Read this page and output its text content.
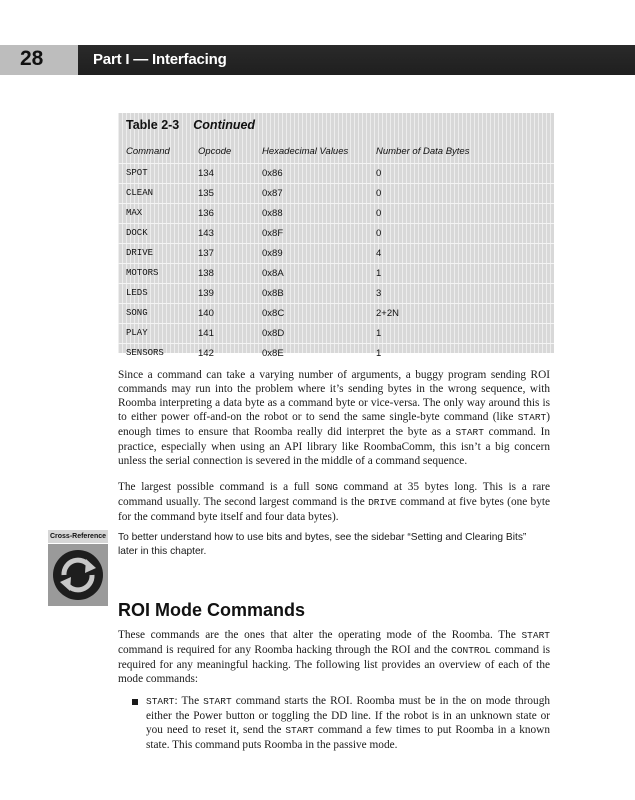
28	Part I — Interfacing
Table 2-3 Continued
Command	Opcode	Hexadecimal Values	Number of Data Bytes
SPOT	134	0x86	0
CLEAN	135	0x87	0
MAX	136	0x88	0
DOCK	143	0x8F	0
DRIVE	137	0x89	4
MOTORS	138	0x8A	1
LEDS	139	0x8B	3
SONG	140	0x8C	2+2N
PLAY	141	0x8D	1
SENSORS	142	0x8E	1

Since a command can take a varying number of arguments, a buggy program sending ROI commands may run into the problem where it’s sending bytes in the wrong sequence, with Roomba interpreting a data byte as a command byte or vice-versa. The only way around this is to either power off-and-on the robot or to send the same single-byte command (like START) enough times to ensure that Roomba really did interpret the byte as a START command. In practice, especially when using an API library like RoombaComm, this isn’t a big concern unless the serial connection is severed in the middle of a command sequence.

The largest possible command is a full SONG command at 35 bytes long. This is a rare command usually. The second largest command is the DRIVE command at five bytes (one byte for the command byte itself and four data bytes).

Cross-Reference To better understand how to use bits and bytes, see the sidebar “Setting and Clearing Bits” later in this chapter.
ROI Mode Commands

These commands are the ones that alter the operating mode of the Roomba. The START command is required for any Roomba hacking through the ROI and the CONTROL command is required for any meaningful hacking. The following list provides an overview of each of the mode commands:

START: The START command starts the ROI. Roomba must be in the on mode through either the Power button or toggling the DD line. If the robot is in an unknown state or you need to reset it, send the START command a few times to put Roomba in a known state. This command puts Roomba in the passive mode.
